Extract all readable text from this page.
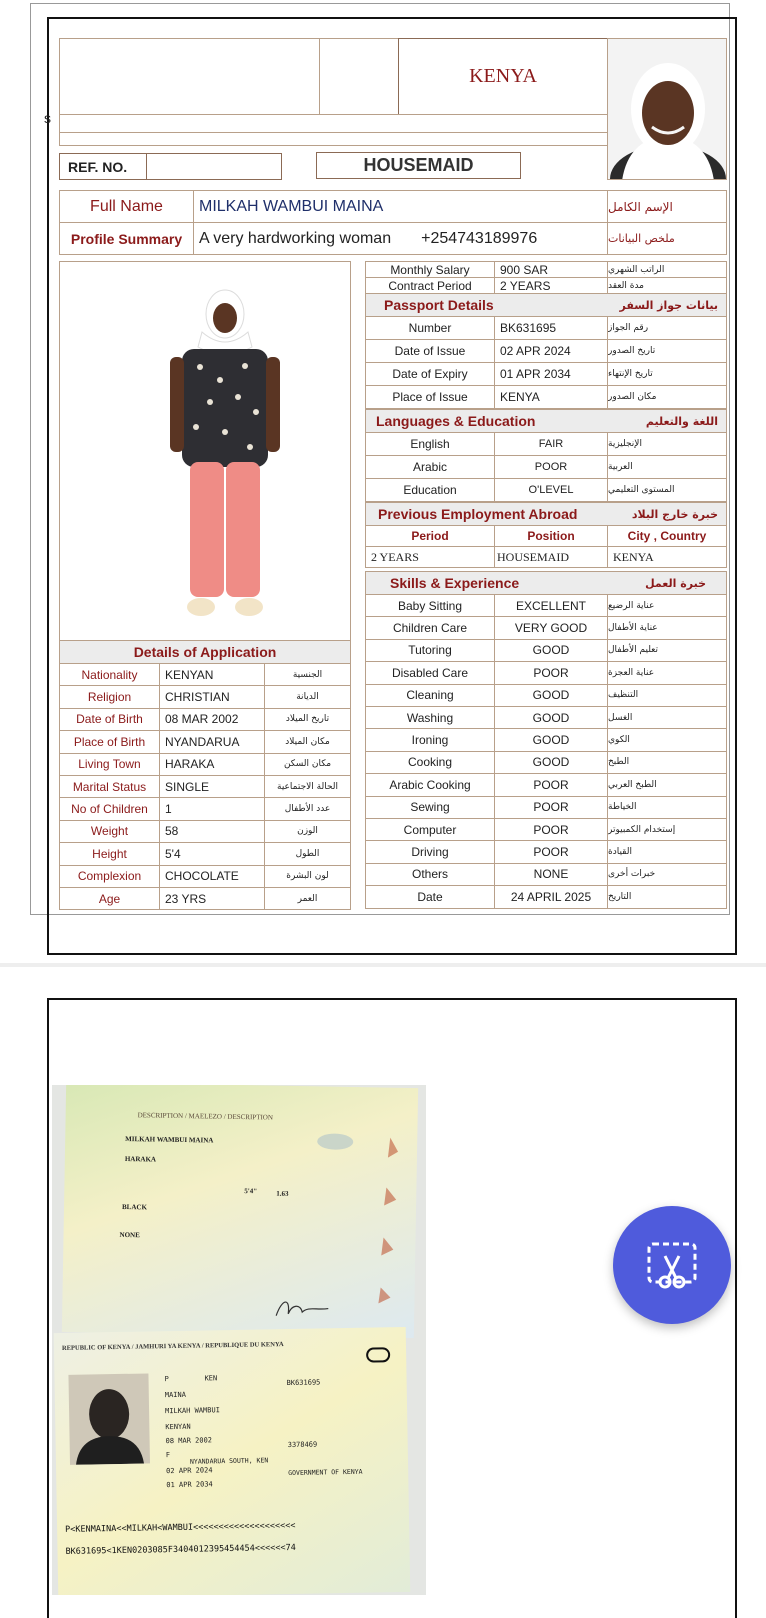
s
KENYA
REF. NO.	HOUSEMAID
Full Name MILKAH WAMBUI MAINA	الإسم الكامل
Profile Summary A very hardworking woman +254743189976	ملخص البيانات
Details of Application
Nationality KENYAN	الجنسية
Religion	CHRISTIAN	الديانة
Date of Birth 08 MAR 2002	تاريخ الميلاد
Place of Birth NYANDARUA	مكان الميلاد
Living Town HARAKA	مكان السكن
Marital Status SINGLE	الحالة الاجتماعية
No of Children 1	عدد الأطفال
Weight	58	الوزن
Height	5'4	الطول
Complexion CHOCOLATE	لون البشرة
Age	23 YRS	العمر
Monthly Salary	900 SAR	الراتب الشهري
Contract Period 2 YEARS	مدة العقد
Passport Details	بيانات جواز السفر
Number	BK631695	رقم الجواز
Date of Issue	02 APR 2024	تاريخ الصدور
Date of Expiry	01 APR 2034	تاريخ الإنتهاء
Place of Issue	KENYA	مكان الصدور
Languages & Education	اللغة والتعليم
English	FAIR	الإنجليزية
Arabic	POOR	العربية
Education	O'LEVEL	المستوى التعليمي
Previous Employment Abroad	خبرة خارج البلاد
Period	Position	City , Country
2 YEARS	HOUSEMAID	KENYA
Skills & Experience	خبرة العمل
Baby Sitting	EXCELLENT عناية الرضيع
Children Care	VERY GOOD عناية الأطفال
Tutoring	GOOD	تعليم الأطفال
Disabled Care	POOR	عناية العجزة
Cleaning	GOOD	التنظيف
Washing	GOOD	الغسل
Ironing	GOOD	الكوي
Cooking	GOOD	الطبخ
Arabic Cooking	POOR	الطبخ العربي
Sewing	POOR	الخياطة
Computer	POOR	إستخدام الكمبيوتر
Driving	POOR	القيادة
Others	NONE	خبرات أخرى
Date	24 APRIL 2025 التاريخ
DESCRIPTION / MAELEZO / DESCRIPTION
MILKAH WAMBUI MAINA
HARAKA
5'4"	1.63
BLACK
NONE
REPUBLIC OF KENYA / JAMHURI YA KENYA / REPUBLIQUE DU KENYA
P	KEN
BK631695
MAINA
MILKAH WAMBUI
KENYAN
08 MAR 2002	3378469
F
NYANDARUA SOUTH, KEN
02 APR 2024	GOVERNMENT OF KENYA
01 APR 2034
P<KENMAINA<<MILKAH<WAMBUI<<<<<<<<<<<<<<<<<<<<
BK631695<1KEN0203085F3404012395454454<<<<<<74
